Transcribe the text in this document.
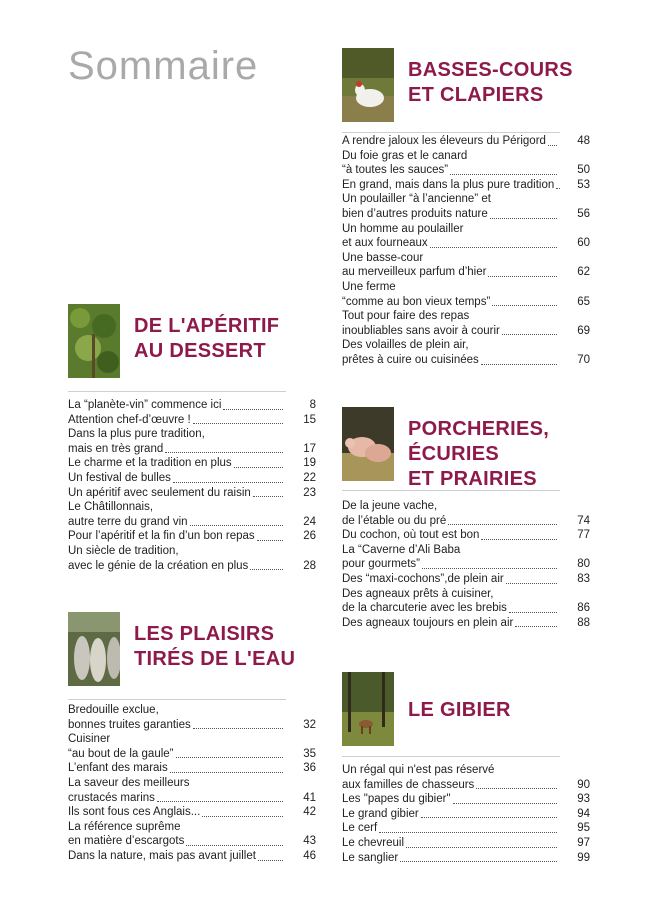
Sommaire	BASSES-COURS
ET CLAPIERS
A rendre jaloux les éleveurs du Périgord	48
Du foie gras et le canard
“à toutes les sauces”	50
En grand, mais dans la plus pure tradition	53
Un poulailler “à l’ancienne” et
bien d’autres produits nature	56
Un homme au poulailler
et aux fourneaux	60
Une basse-cour
au merveilleux parfum d’hier	62
Une ferme
“comme au bon vieux temps”	65
Tout pour faire des repas
inoubliables sans avoir à courir	69
Des volailles de plein air,
prêtes à cuire ou cuisinées	70
DE L'APÉRITIF
AU DESSERT
La “planète-vin” commence ici	8
Attention chef-d’œuvre !	15
Dans la plus pure tradition,
mais en très grand	17
Le charme et la tradition en plus	19
Un festival de bulles	22
Un apéritif avec seulement du raisin	23
Le Châtillonnais,
autre terre du grand vin	24
Pour l’apéritif et la fin d’un bon repas	26
Un siècle de tradition,
avec le génie de la création en plus	28
PORCHERIES,
ÉCURIES
ET PRAIRIES
De la jeune vache,
de l’étable ou du pré	74
Du cochon, où tout est bon	77
La “Caverne d’Ali Baba
pour gourmets”	80
Des “maxi-cochons”,de plein air	83
Des agneaux prêts à cuisiner,
de la charcuterie avec les brebis	86
Des agneaux toujours en plein air	88
LES PLAISIRS
TIRÉS DE L'EAU
Bredouille exclue,
bonnes truites garanties	32
Cuisiner
“au bout de la gaule”	35
L’enfant des marais	36
La saveur des meilleurs
crustacés marins	41
Ils sont fous ces Anglais...	42
La référence suprême
en matière d’escargots	43
Dans la nature, mais pas avant juillet	46
LE GIBIER
Un régal qui n'est pas réservé
aux familles de chasseurs	90
Les "papes du gibier"	93
Le grand gibier	94
Le cerf	95
Le chevreuil	97
Le sanglier	99
